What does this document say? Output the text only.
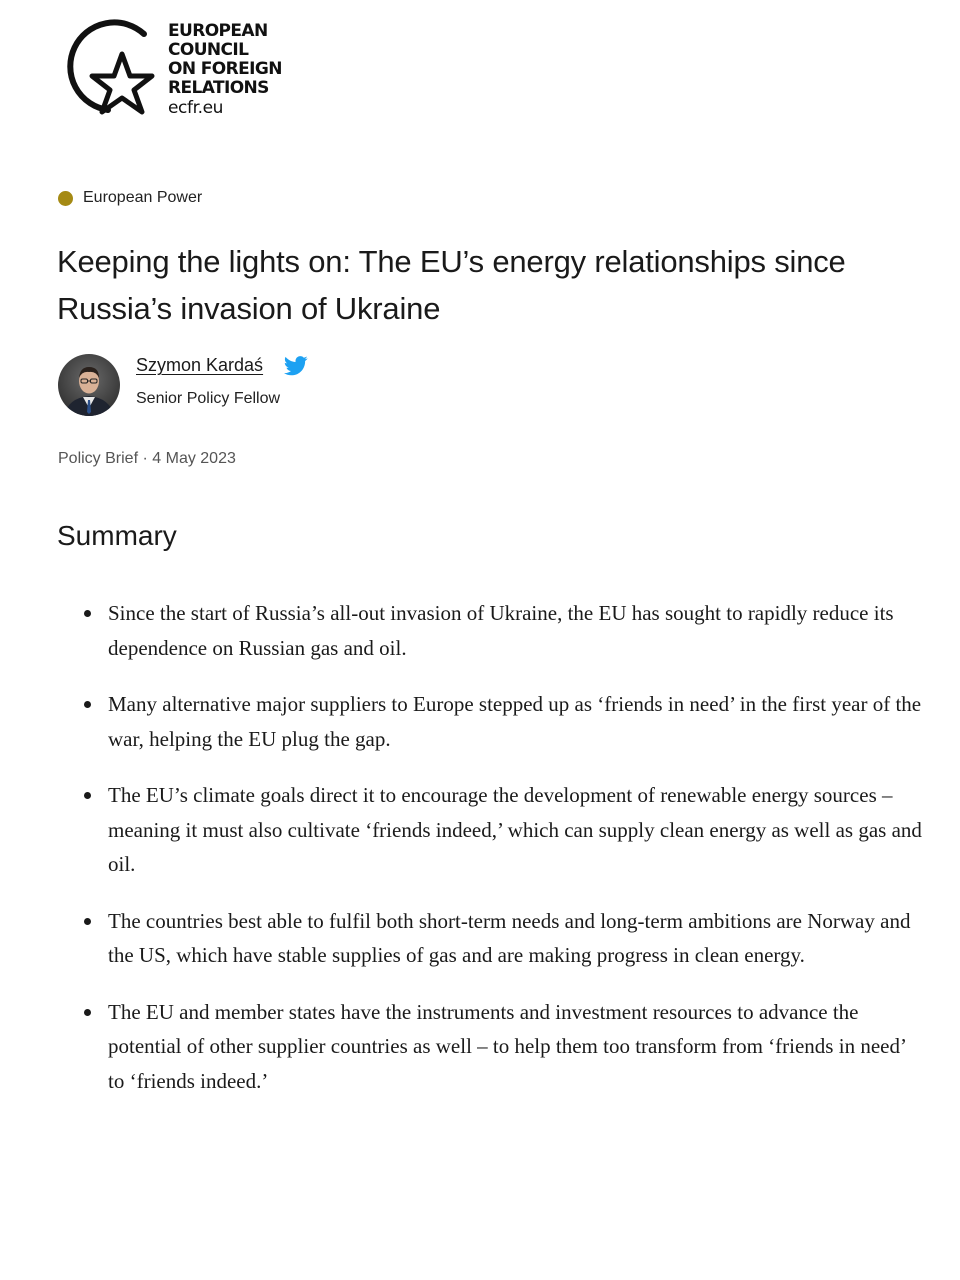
EUROPEAN
COUNCIL
ON FOREIGN
RELATIONS
ecfr.eu
European Power
Keeping the lights on: The EU’s energy relationships since Russia’s invasion of Ukraine
Szymon Kardaś
Senior Policy Fellow
Policy Brief · 4 May 2023
Summary
Since the start of Russia’s all-out invasion of Ukraine, the EU has sought to rapidly reduce its dependence on Russian gas and oil.
Many alternative major suppliers to Europe stepped up as ‘friends in need’ in the first year of the war, helping the EU plug the gap.
The EU’s climate goals direct it to encourage the development of renewable energy sources – meaning it must also cultivate ‘friends indeed,’ which can supply clean energy as well as gas and oil.
The countries best able to fulfil both short-term needs and long-term ambitions are Norway and the US, which have stable supplies of gas and are making progress in clean energy.
The EU and member states have the instruments and investment resources to advance the potential of other supplier countries as well – to help them too transform from ‘friends in need’ to ‘friends indeed.’
